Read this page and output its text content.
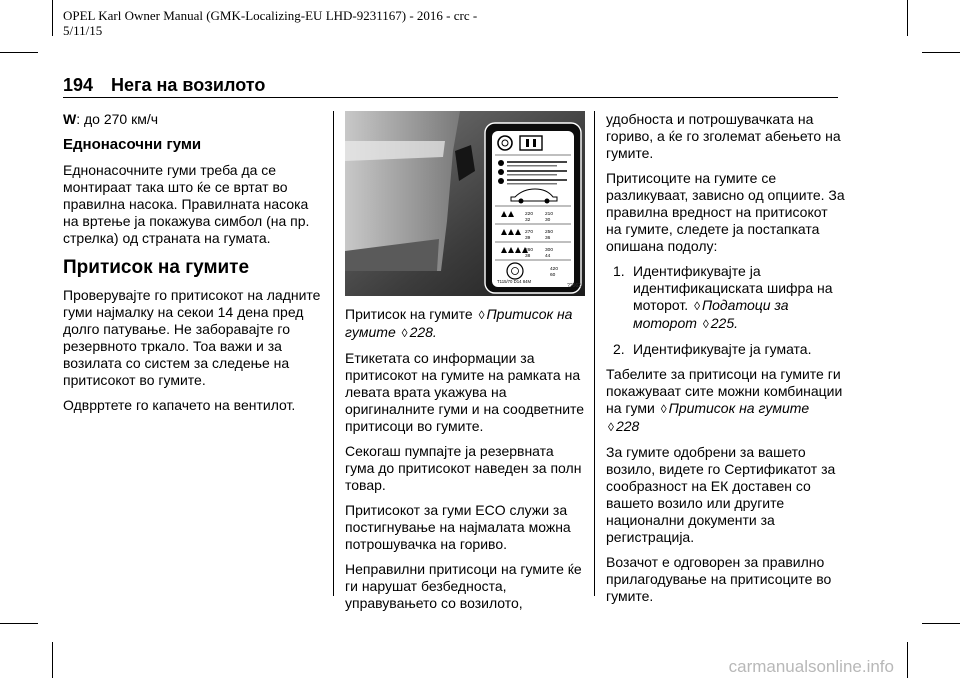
OPEL Karl Owner Manual (GMK-Localizing-EU LHD-9231167) - 2016 - crc -
5/11/15
194 Нега на возилото

W: до 270 км/ч

Еднонасочни гуми

Еднонасочните гуми треба да се монтираат така што ќе се вртат во правилна насока. Правилната насока на вртење ја покажува симбол (на пр. стрелка) од страната на гумата.

Притисок на гумите

Проверувајте го притисокот на ладните гуми најмалку на секои 14 дена пред долго патување. Не заборавајте го резервното тркало. Тоа важи и за возилата со систем за следење на притисокот во гумите.

Одврртете го капачето на вентилот.

220 210
32	30
270 250
39	36
260 300
38	44
420
60
T115/70 D14 84M
??562

Притисок на гумите ◊ Притисок на гумите ◊ 228.

Етикетата со информации за притисокот на гумите на рамката на левата врата укажува на оригиналните гуми и на соодветните притисоци во гумите.

Секогаш пумпајте ја резервната гума до притисокот наведен за полн товар.

Притисокот за гуми ECO служи за постигнување на најмалата можна потрошувачка на гориво.

Неправилни притисоци на гумите ќе ги нарушат безбедноста, управувањето со возилото,

удобноста и потрошувачката на гориво, а ќе го зголемат абењето на гумите.

Притисоците на гумите се разликуваат, зависно од опциите. За правилна вредност на притисокот на гумите, следете ја постапката опишана подолу:

1. Идентификувајте ја идентификациската шифра на моторот. ◊ Податоци за моторот ◊ 225.
2. Идентификувајте ја гумата.

Табелите за притисоци на гумите ги покажуваат сите можни комбинации на гуми ◊ Притисок на гумите ◊ 228

За гумите одобрени за вашето возило, видете го Сертификатот за сообразност на ЕК доставен со вашето возило или другите национални документи за регистрација.

Возачот е одговорен за правилно прилагодување на притисоците во гумите.

carmanualsonline.info
